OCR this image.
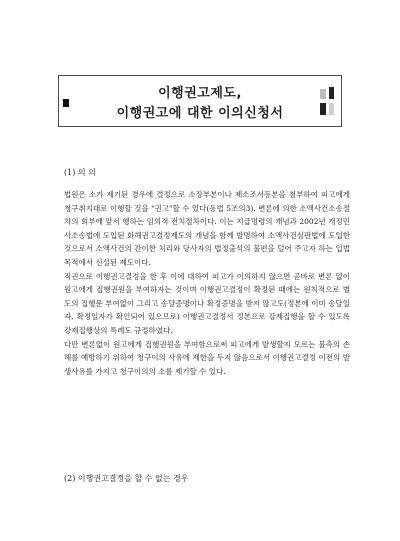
이행권고제도,
이행권고에 대한 이의신청서
(1) 의 의

법원은 소가 제기된 경우에 결정으로 소장부본이나 제소조서등본을 첨부하여 피고에게 청구취지대로 이행할 것을 "권고"할 수 있다(동법 5조의3). 변론에 의한 소액사건소송절차의 회부에 앞서 행하는 임의적 전치절차이다. 이는 지급명령의 개념과 2002년 개정민사소송법에 도입된 화해권고결정제도의 개념을 함께 발명하여 소액사건심판법에 도입한 것으로서 소액사건의 간이한 처리와 당사자의 법정출석의 불편을 덜어 주고자 하는 입법목적에서 신설된 제도이다.

직권으로 이행권고결정을 한 후 이에 대하여 피고가 이의하지 않으면 곧바로 변론 없이 원고에게 집행권원을 부여하자는 것이며 이행권고결정이 확정된 때에는 원칙적으로 별도의 집행문 부여없이 그리고 송달증명이나 확정증명을 받지 않고도(정본에 이미 송달일자, 확정일자가 확인되어 있으므로) 이행권고결정서 정본으로 강제집행을 할 수 있도록 강제집행상의 특례도 규정하였다.

다만 변론없이 원고에게 집행권원을 부여함으로써 피고에게 발생할지 모르는 불측의 손해를 예방하기 위하여 청구이의 사유에 제한을 두지 않음으로서 이행권고결정 이전의 발생사유를 가지고 청구이의의 소를 제기할 수 있다.

(2) 이행권고결정을 할 수 없는 경우
